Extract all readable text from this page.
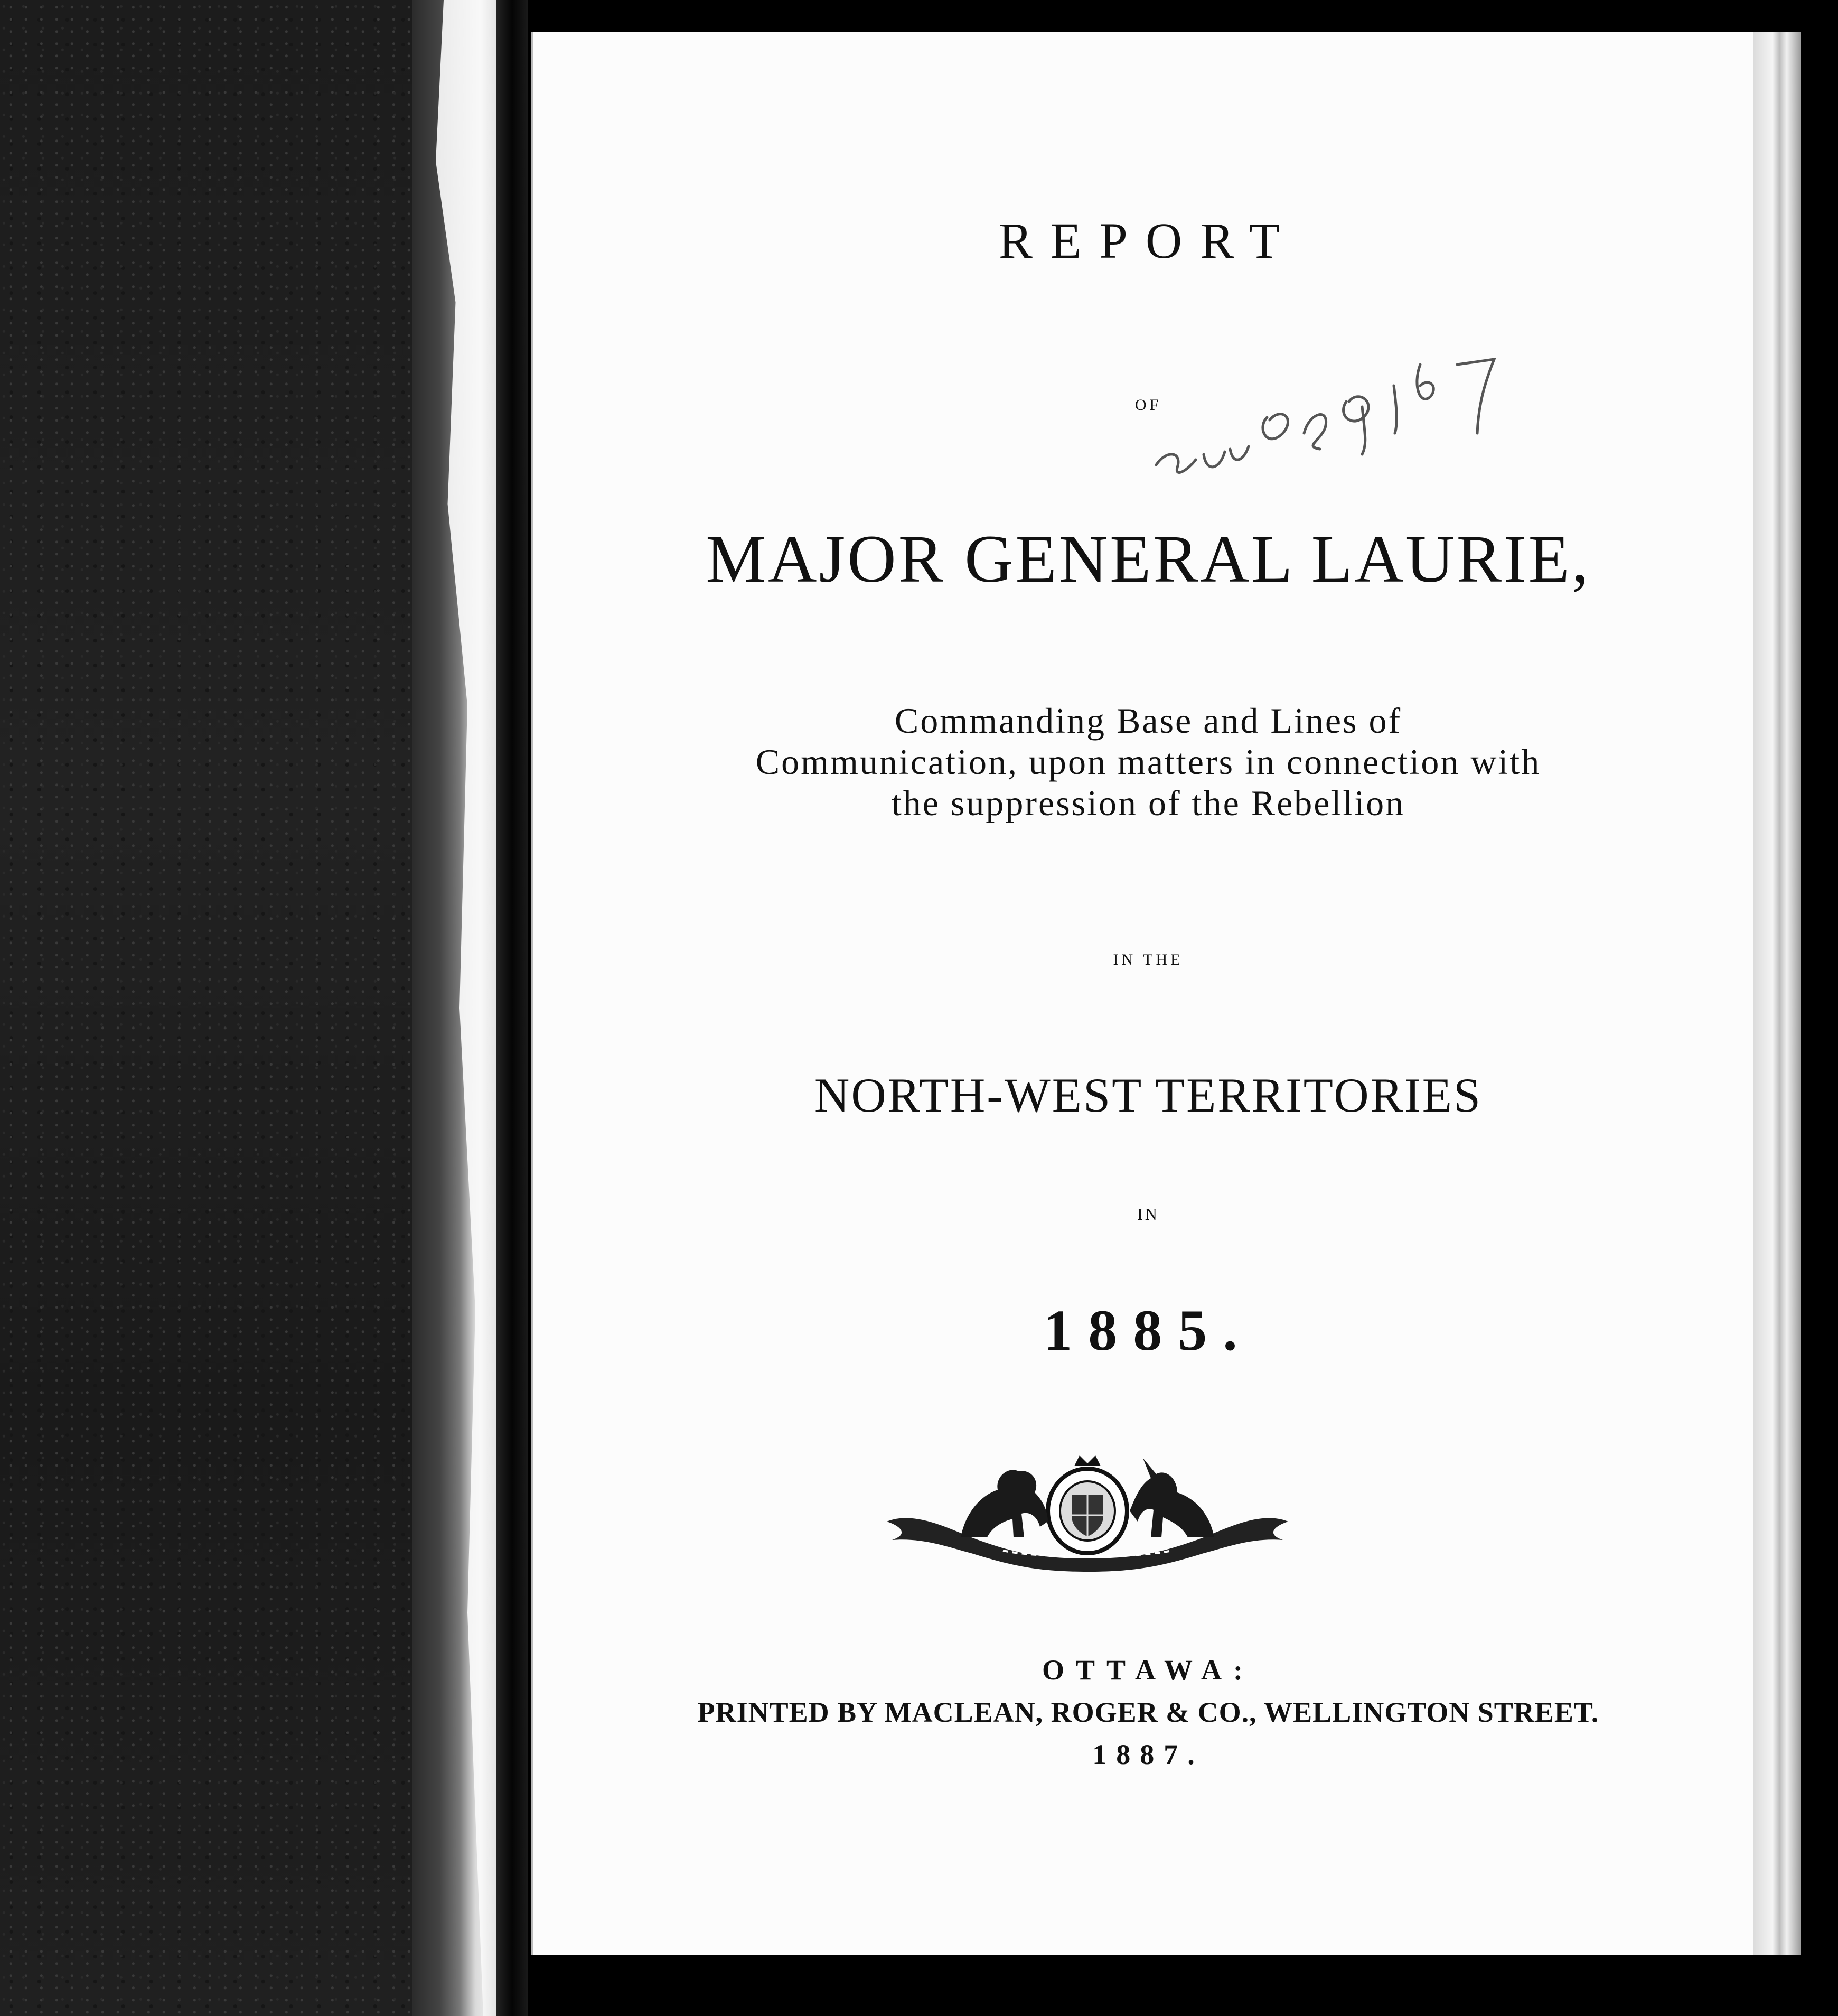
REPORT
OF
MAJOR GENERAL LAURIE,
Commanding Base and Lines of
Communication, upon matters in connection with
the suppression of the Rebellion
IN THE
NORTH-WEST TERRITORIES
IN
1885.
OTTAWA:
PRINTED BY MACLEAN, ROGER & CO., WELLINGTON STREET.
1887.
